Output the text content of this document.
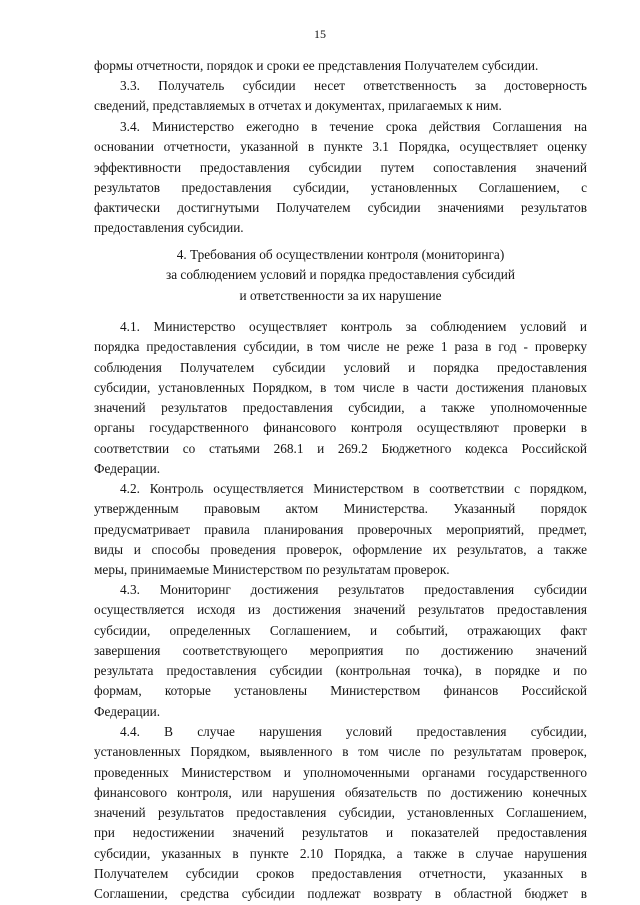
15
формы отчетности, порядок и сроки ее представления Получателем субсидии.
3.3. Получатель субсидии несет ответственность за достоверность
сведений, представляемых в отчетах и документах, прилагаемых к ним.
3.4. Министерство ежегодно в течение срока действия Соглашения на
основании отчетности, указанной в пункте 3.1 Порядка, осуществляет оценку
эффективности предоставления субсидии путем сопоставления значений
результатов предоставления субсидии, установленных Соглашением, с
фактически достигнутыми Получателем субсидии значениями результатов
предоставления субсидии.
4. Требования об осуществлении контроля (мониторинга)
за соблюдением условий и порядка предоставления субсидий
и ответственности за их нарушение
4.1. Министерство осуществляет контроль за соблюдением условий и
порядка предоставления субсидии, в том числе не реже 1 раза в год - проверку
соблюдения Получателем субсидии условий и порядка предоставления
субсидии, установленных Порядком, в том числе в части достижения плановых
значений результатов предоставления субсидии, а также уполномоченные
органы государственного финансового контроля осуществляют проверки в
соответствии со статьями 268.1 и 269.2 Бюджетного кодекса Российской
Федерации.
4.2. Контроль осуществляется Министерством в соответствии с порядком,
утвержденным правовым актом Министерства. Указанный порядок
предусматривает правила планирования проверочных мероприятий, предмет,
виды и способы проведения проверок, оформление их результатов, а также
меры, принимаемые Министерством по результатам проверок.
4.3. Мониторинг достижения результатов предоставления субсидии
осуществляется исходя из достижения значений результатов предоставления
субсидии, определенных Соглашением, и событий, отражающих факт
завершения соответствующего мероприятия по достижению значений
результата предоставления субсидии (контрольная точка), в порядке и по
формам, которые установлены Министерством финансов Российской
Федерации.
4.4. В случае нарушения условий предоставления субсидии,
установленных Порядком, выявленного в том числе по результатам проверок,
проведенных Министерством и уполномоченными органами государственного
финансового контроля, или нарушения обязательств по достижению конечных
значений результатов предоставления субсидии, установленных Соглашением,
при недостижении значений результатов и показателей предоставления
субсидии, указанных в пункте 2.10 Порядка, а также в случае нарушения
Получателем субсидии сроков предоставления отчетности, указанных в
Соглашении, средства субсидии подлежат возврату в областной бюджет в
